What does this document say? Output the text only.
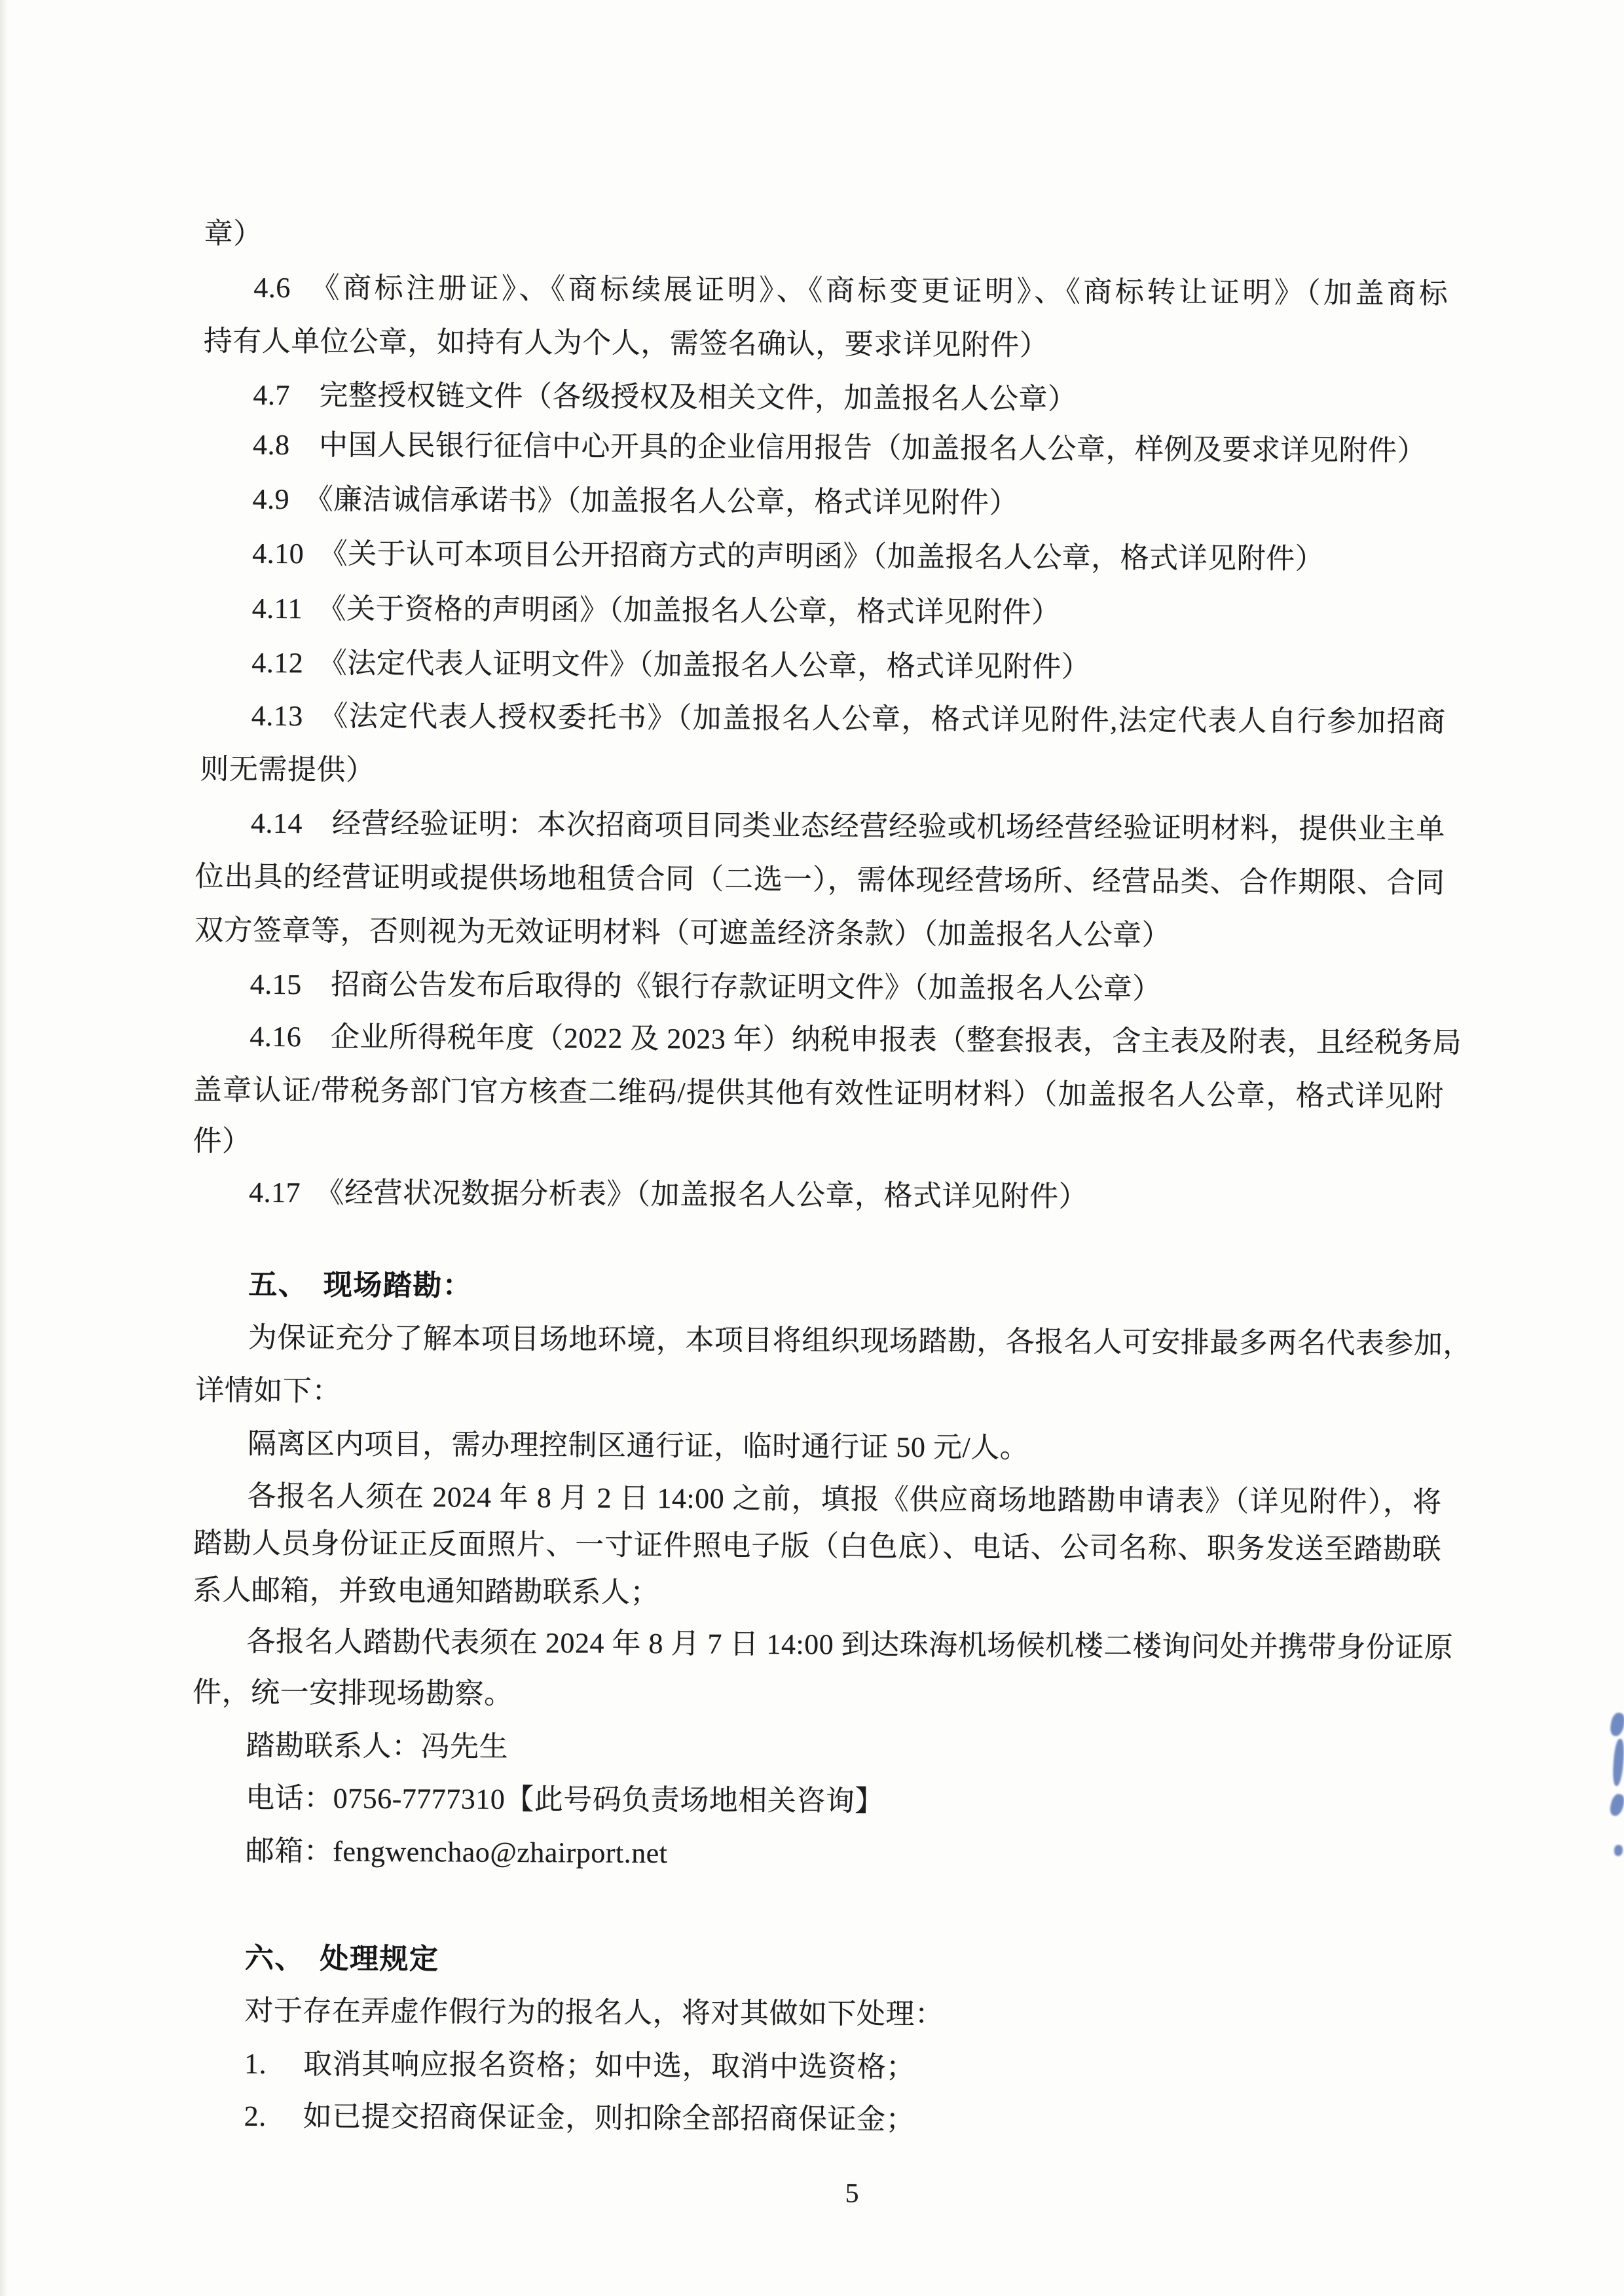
章）
4.6　《商标注册证》、《商标续展证明》、《商标变更证明》、《商标转让证明》（加盖商标
持有人单位公章，如持有人为个人，需签名确认，要求详见附件）
4.7　完整授权链文件（各级授权及相关文件，加盖报名人公章）
4.8　中国人民银行征信中心开具的企业信用报告（加盖报名人公章，样例及要求详见附件）
4.9　《廉洁诚信承诺书》（加盖报名人公章，格式详见附件）
4.10　《关于认可本项目公开招商方式的声明函》（加盖报名人公章，格式详见附件）
4.11　《关于资格的声明函》（加盖报名人公章，格式详见附件）
4.12　《法定代表人证明文件》（加盖报名人公章，格式详见附件）
4.13　《法定代表人授权委托书》（加盖报名人公章，格式详见附件,法定代表人自行参加招商
则无需提供）
4.14　经营经验证明：本次招商项目同类业态经营经验或机场经营经验证明材料，提供业主单
位出具的经营证明或提供场地租赁合同（二选一），需体现经营场所、经营品类、合作期限、合同
双方签章等，否则视为无效证明材料（可遮盖经济条款）（加盖报名人公章）
4.15　招商公告发布后取得的《银行存款证明文件》（加盖报名人公章）
4.16　企业所得税年度（2022 及 2023 年）纳税申报表（整套报表，含主表及附表，且经税务局
盖章认证/带税务部门官方核查二维码/提供其他有效性证明材料）（加盖报名人公章，格式详见附
件）
4.17　《经营状况数据分析表》（加盖报名人公章，格式详见附件）
五、　现场踏勘：
为保证充分了解本项目场地环境，本项目将组织现场踏勘，各报名人可安排最多两名代表参加，
详情如下：
隔离区内项目，需办理控制区通行证，临时通行证 50 元/人。
各报名人须在 2024 年 8 月 2 日 14:00 之前，填报《供应商场地踏勘申请表》（详见附件），将
踏勘人员身份证正反面照片、一寸证件照电子版（白色底）、电话、公司名称、职务发送至踏勘联
系人邮箱，并致电通知踏勘联系人；
各报名人踏勘代表须在 2024 年 8 月 7 日 14:00 到达珠海机场候机楼二楼询问处并携带身份证原
件，统一安排现场勘察。
踏勘联系人：冯先生
电话：0756-7777310【此号码负责场地相关咨询】
邮箱：fengwenchao@zhairport.net
六、　处理规定
对于存在弄虚作假行为的报名人，将对其做如下处理：
1.　 取消其响应报名资格；如中选，取消中选资格；
2.　 如已提交招商保证金，则扣除全部招商保证金；
5
